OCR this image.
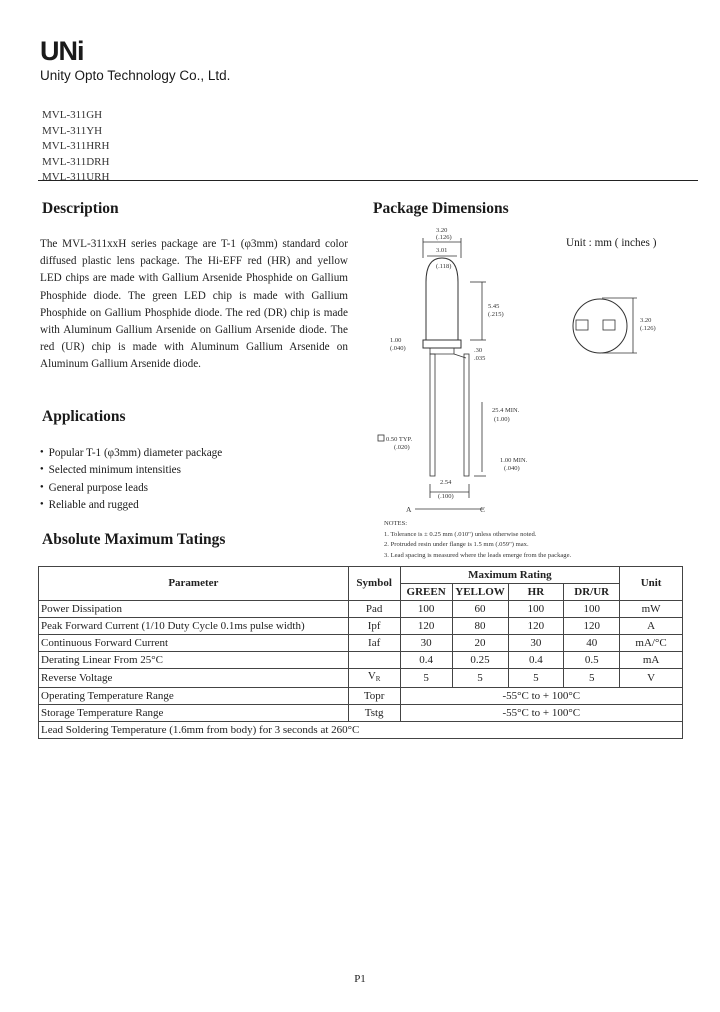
UNi
Unity Opto Technology Co., Ltd.
MVL-311GH
MVL-311YH
MVL-311HRH
MVL-311DRH
MVL-311URH
Description
The MVL-311xxH series package are T-1 (φ3mm) standard color diffused plastic lens package. The Hi-EFF red (HR) and yellow LED chips are made with Gallium Arsenide Phosphide on Gallium Phosphide diode. The green LED chip is made with Gallium Phosphide on Gallium Phosphide diode. The red (DR) chip is made with Aluminum Gallium Arsenide on Gallium Arsenide diode. The red (UR) chip is made with Aluminum Gallium Arsenide on Aluminum Gallium Arsenide diode.
Applications
● Popular T-1 (φ3mm) diameter package
● Selected minimum intensities
● General purpose leads
● Reliable and rugged
Absolute Maximum Tatings
Package Dimensions
Unit : mm ( inches )
3.20
(.126)
3.01
(.118)
5.45
(.215)
1.00
(.040)	.30
.035
25.4 MIN.
(1.00)
0.50 TYP.
(.020)
1.00 MIN.
(.040)
2.54
(.100)
A	C
3.20
(.126)
NOTES:
1. Tolerance is ± 0.25 mm (.010") unless otherwise noted.
2. Protruded resin under flange is 1.5 mm (.059") max.
3. Lead spacing is measured where the leads emerge from the package.
Parameter	Symbol	Maximum Rating				Unit
		GREEN	YELLOW	HR	DR/UR	
Power Dissipation	Pad	100	60	100	100	mW
Peak Forward Current (1/10 Duty Cycle 0.1ms pulse width)	Ipf	120	80	120	120	A
Continuous Forward Current	Iaf	30	20	30	40	mA/°C
Derating Linear From 25°C		0.4	0.25	0.4	0.5	mA
Reverse Voltage	VR	5	5	5	5	V
Operating Temperature Range	Topr	-55°C to + 100°C				
Storage Temperature Range	Tstg	-55°C to + 100°C				
Lead Soldering Temperature (1.6mm from body) for 3 seconds at 260°C						
P1
